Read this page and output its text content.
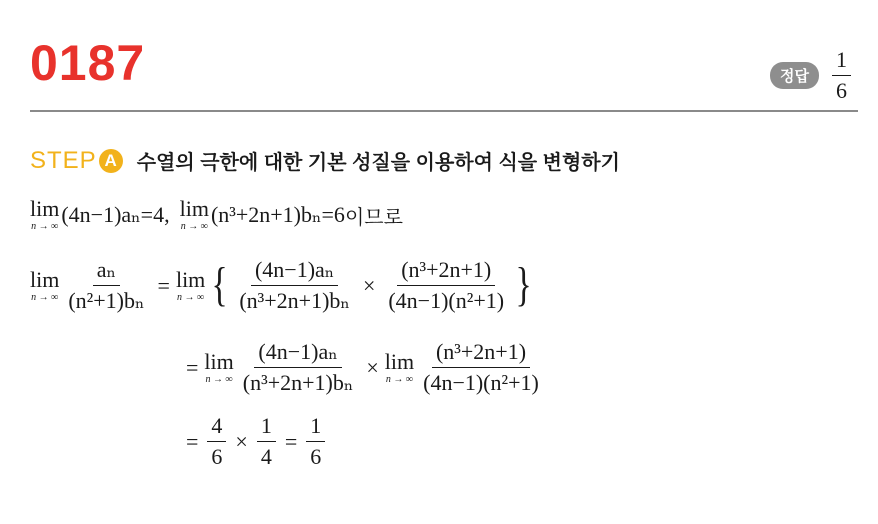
0187	정답	$\frac{1}{6}$
STEP A 수열의 극한에 대한 기본 성질을 이용하여 식을 변형하기
lim
n → ∞ (4n−1)aₙ=4, lim
n → ∞ (n³+2n+1)bₙ=6 이므로
lim
n → ∞ $\frac{\text{aₙ}}{\text{(n²+1)bₙ}} = \lim$
n → ∞ { $\frac{\text{(4n−1)aₙ}}{\text{(n³+2n+1)bₙ}} \times \frac{\text{(n³+2n+1)}}{\text{(4n−1)(n²+1)}}$ }
= lim
n → ∞ $\frac{\text{(4n−1)aₙ}}{\text{(n³+2n+1)bₙ}} \times \lim$
n → ∞ $\frac{\text{(n³+2n+1)}}{\text{(4n−1)(n²+1)}}$
= $\frac{4}{6} \times \frac{1}{4} = \frac{1}{6}$
